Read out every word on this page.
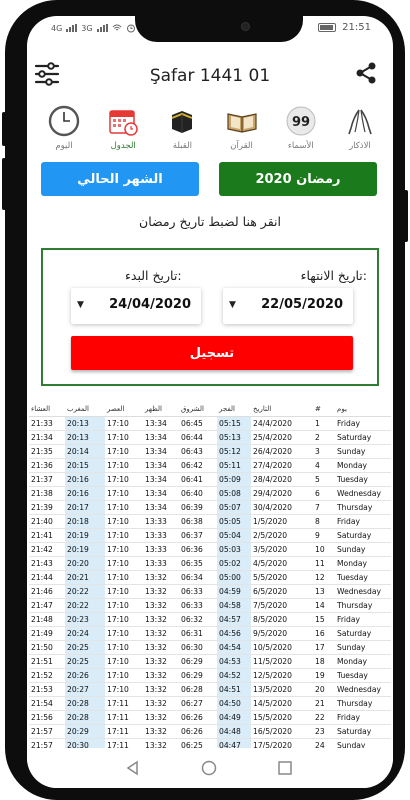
4G 3G	21:51
Şafar 1441 01
الاذكار
99
الأسماء
القرآن
القبلة
الجدول
اليوم
رمضان 2020
الشهر الحالي
انقر هنا لضبط تاريخ رمضان
تاريخ الانتهاء:
تاريخ البدء:
▼ 22/05/2020
▼ 24/04/2020
تسجيل
العشاء	المغرب	العصر	الظهر	الشروق	الفجر	التاريخ	#	يوم
21:33	20:13	17:10	13:34	06:45	05:15	24/4/2020	1	Friday
21:34	20:13	17:10	13:34	06:44	05:13	25/4/2020	2	Saturday
21:35	20:14	17:10	13:34	06:43	05:12	26/4/2020	3	Sunday
21:36	20:15	17:10	13:34	06:42	05:11	27/4/2020	4	Monday
21:37	20:16	17:10	13:34	06:41	05:09	28/4/2020	5	Tuesday
21:38	20:16	17:10	13:34	06:40	05:08	29/4/2020	6	Wednesday
21:39	20:17	17:10	13:34	06:39	05:07	30/4/2020	7	Thursday
21:40	20:18	17:10	13:33	06:38	05:05	1/5/2020	8	Friday
21:41	20:19	17:10	13:33	06:37	05:04	2/5/2020	9	Saturday
21:42	20:19	17:10	13:33	06:36	05:03	3/5/2020	10	Sunday
21:43	20:20	17:10	13:33	06:35	05:02	4/5/2020	11	Monday
21:44	20:21	17:10	13:32	06:34	05:00	5/5/2020	12	Tuesday
21:46	20:22	17:10	13:32	06:33	04:59	6/5/2020	13	Wednesday
21:47	20:22	17:10	13:32	06:33	04:58	7/5/2020	14	Thursday
21:48	20:23	17:10	13:32	06:32	04:57	8/5/2020	15	Friday
21:49	20:24	17:10	13:32	06:31	04:56	9/5/2020	16	Saturday
21:50	20:25	17:10	13:32	06:30	04:54	10/5/2020	17	Sunday
21:51	20:25	17:10	13:32	06:29	04:53	11/5/2020	18	Monday
21:52	20:26	17:10	13:32	06:29	04:52	12/5/2020	19	Tuesday
21:53	20:27	17:10	13:32	06:28	04:51	13/5/2020	20	Wednesday
21:54	20:28	17:11	13:32	06:27	04:50	14/5/2020	21	Thursday
21:56	20:28	17:11	13:32	06:26	04:49	15/5/2020	22	Friday
21:57	20:29	17:11	13:32	06:26	04:48	16/5/2020	23	Saturday
21:57	20:30	17:11	13:32	06:25	04:47	17/5/2020	24	Sunday
